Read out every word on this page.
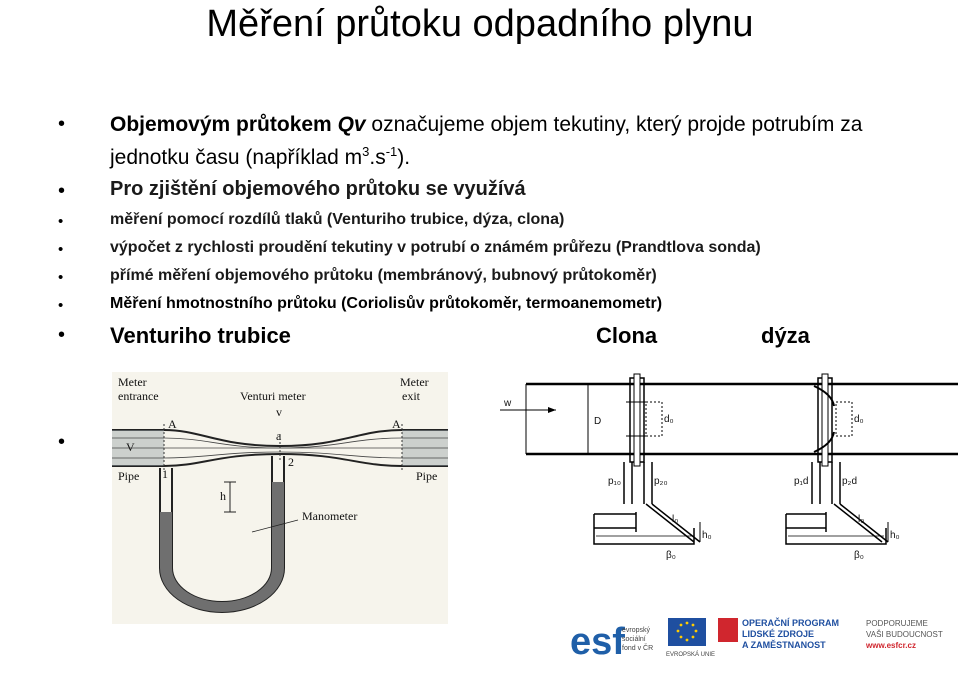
Měření průtoku odpadního plynu
• Objemovým průtokem Qv označujeme objem tekutiny, který projde potrubím za jednotku času (například $m^3.s^{-1}$).
• Pro zjištění objemového průtoku se využívá
•	měření pomocí rozdílů tlaků (Venturiho trubice, dýza, clona)
•	výpočet z rychlosti proudění tekutiny v potrubí o známém průřezu (Prandtlova sonda)
•	přímé měření objemového průtoku (membránový, bubnový průtokoměr)
•	Měření hmotnostního průtoku (Coriolisův průtokoměr, termoanemometr)
• Venturiho trubice	Clona	dýza
•
Meter
entrance	Venturi meter
Meter
exit
v
a
A	A
V
Pipe	Pipe
1
2
h
Manometer
w
D	d₀	d₀
p₁₀	p₂₀	p₁d	p₂d
l₀	l₀
h₀	h₀
β₀	β₀
esf
evropský
sociální
fond v ČR
EVROPSKÁ UNIE
OPERAČNÍ PROGRAM
LIDSKÉ ZDROJE
A ZAMĚSTNANOST
PODPORUJEME
VAŠI BUDOUCNOST
www.esfcr.cz
